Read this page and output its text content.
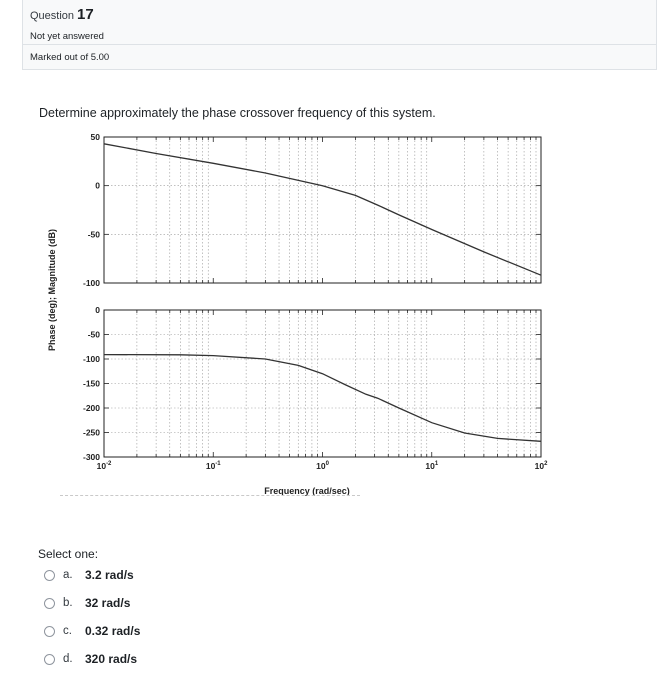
Question 17
Not yet answered
Marked out of 5.00
Determine approximately the phase crossover frequency of this system.
50
0
-50
-100
0
-50
-100
-150
-200
-250
-300
$10^{-2}$	$10^{-1}$	$10^0$	$10^1$	$10^2$
Phase (deg); Magnitude (dB)
Frequency (rad/sec)
Select one:
a.	3.2 rad/s
b.	32 rad/s
c.	0.32 rad/s
d.	320 rad/s
